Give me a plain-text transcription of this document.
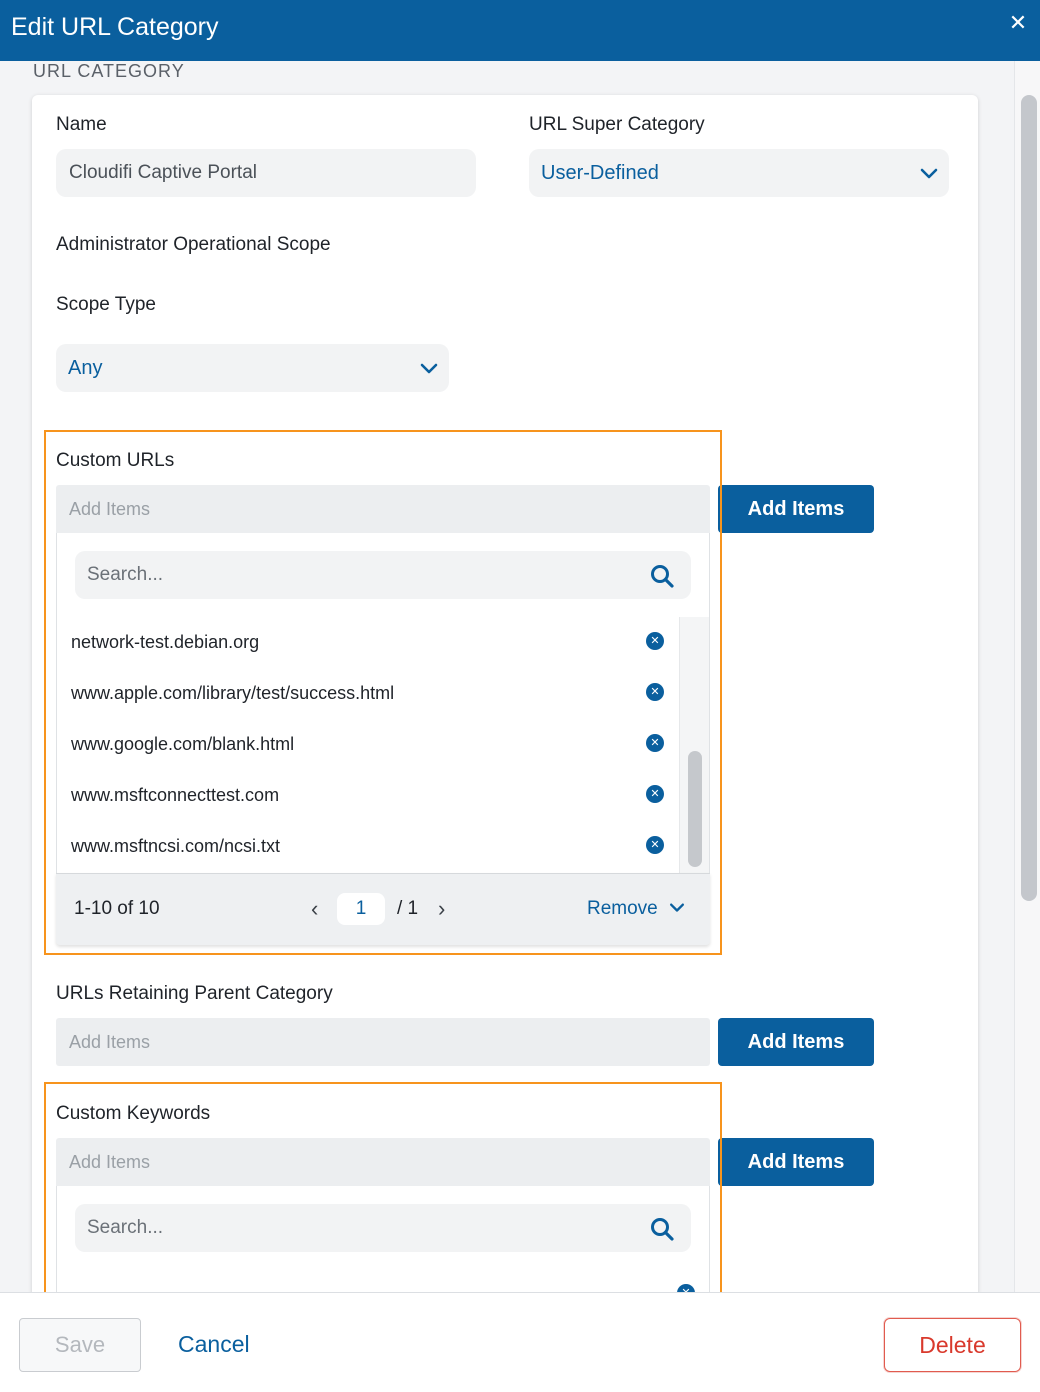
Edit URL Category	✕
URL CATEGORY
Name
Cloudifi Captive Portal
URL Super Category
User-Defined
Administrator Operational Scope
Scope Type
Any
Custom URLs
Add Items	Add Items
Search...
network-test.debian.org	✕
www.apple.com/library/test/success.html	✕
www.google.com/blank.html	✕
www.msftconnecttest.com	✕
www.msftncsi.com/ncsi.txt	✕
1-10 of 10	‹	1	/ 1 ›	Remove
URLs Retaining Parent Category
Add Items	Add Items
Custom Keywords
Add Items	Add Items
Search...
Save	Cancel	Delete
